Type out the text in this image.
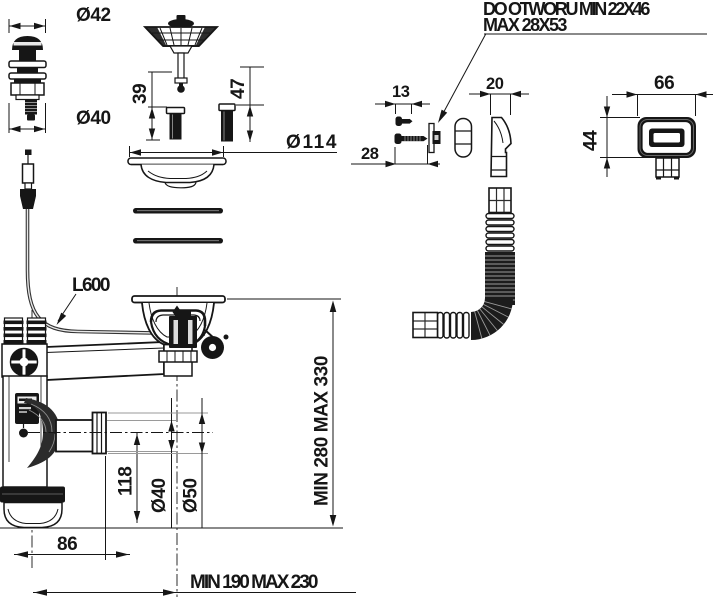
Ø42
Ø40
39	47
Ø114
L600
118 Ø40 Ø50
86
MIN 190 MAX 230
MIN 280 MAX 330
DO OTWORU MIN 22X46
MAX 28X53
13
28
20	66
44
